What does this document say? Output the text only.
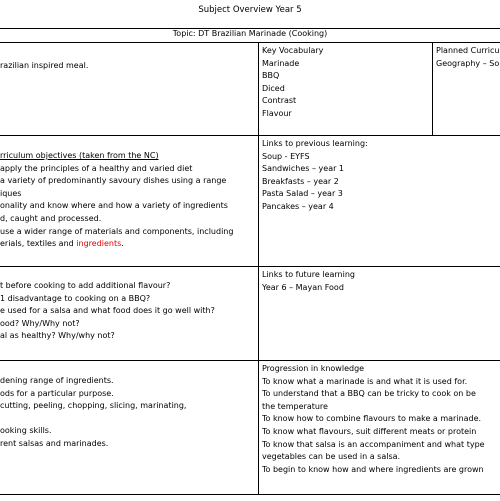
Subject Overview Year 5
Topic: DT Brazilian Marinade (Cooking)
razilian inspired meal.
Key Vocabulary
Marinade
BBQ
Diced
Contrast
Flavour
Planned Curricu
Geography – So
rriculum objectives (taken from the NC)
apply the principles of a healthy and varied diet
a variety of predominantly savoury dishes using a range
iques
onality and know where and how a variety of ingredients
d, caught and processed.
use a wider range of materials and components, including
erials, textiles and ingredients.
Links to previous learning:
Soup - EYFS
Sandwiches – year 1
Breakfasts – year 2
Pasta Salad – year 3
Pancakes – year 4
t before cooking to add additional flavour?
1 disadvantage to cooking on a BBQ?
e used for a salsa and what food does it go well with?
ood? Why/Why not?
al as healthy? Why/why not?
Links to future learning
Year 6 – Mayan Food
dening range of ingredients.
ods for a particular purpose.
cutting, peeling, chopping, slicing, marinating,

ooking skills.
rent salsas and marinades.
Progression in knowledge
To know what a marinade is and what it is used for.
To understand that a BBQ can be tricky to cook on be
the temperature
To know how to combine flavours to make a marinade.
To know what flavours, suit different meats or protein
To know that salsa is an accompaniment and what type
vegetables can be used in a salsa.
To begin to know how and where ingredients are grown
